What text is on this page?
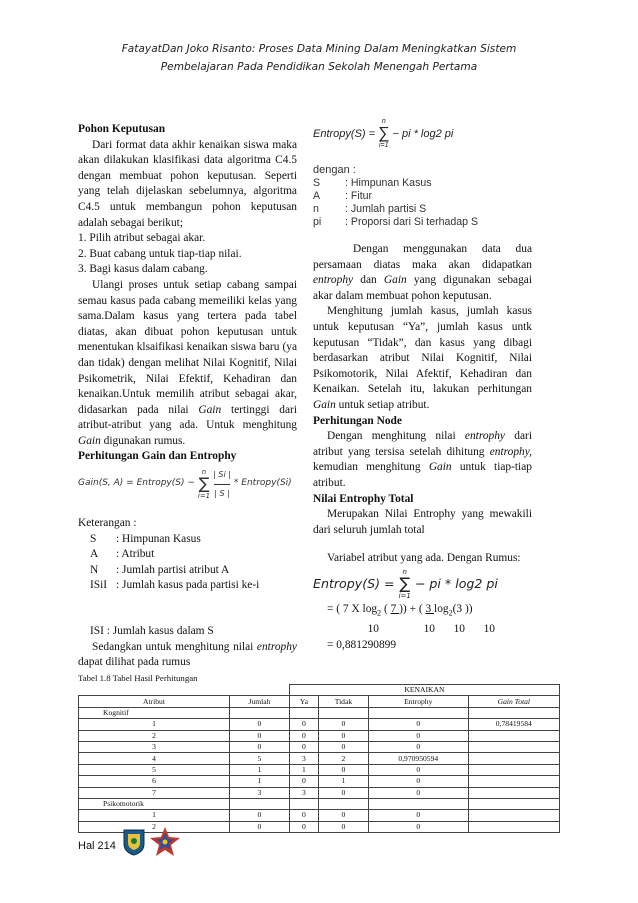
FatayatDan Joko Risanto: Proses Data Mining Dalam Meningkatkan Sistem
Pembelajaran Pada Pendidikan Sekolah Menengah Pertama
Entropy(S) =
n
∑
i=1
− pi * log2 pi
dengan :
S	: Himpunan Kasus
A	: Fitur
n	: Jumlah partisi S
pi	: Proporsi dari Si terhadap S

Pohon Keputusan

Dari format data akhir kenaikan siswa maka akan dilakukan klasifikasi data algoritma C4.5 dengan membuat pohon keputusan. Seperti yang telah dijelaskan sebelumnya, algoritma C4.5 untuk membangun pohon keputusan adalah sebagai berikut;

1. Pilih atribut sebagai akar.

2. Buat cabang untuk tiap-tiap nilai.

3. Bagi kasus dalam cabang.

Ulangi proses untuk setiap cabang sampai semau kasus pada cabang memeiliki kelas yang sama.Dalam kasus yang tertera pada tabel diatas, akan dibuat pohon keputusan untuk menentukan klsaifikasi kenaikan siswa baru (ya dan tidak) dengan melihat Nilai Kognitif, Nilai Psikometrik, Nilai Efektif, Kehadiran dan kenaikan.Untuk memilih atribut sebagai akar, didasarkan pada nilai Gain tertinggi dari atribut-atribut yang ada. Untuk menghitung Gain digunakan rumus.

Perhitungan Gain dan Entrophy

Gain(S, A) = Entropy(S) −
n
∑
$i=1 \frac{| Si |}{| S |}$ * Entropy(Si)

Keterangan :

S	: Himpunan Kasus
A	: Atribut
N	: Jumlah partisi atribut A
ISiI : Jumlah kasus pada partisi ke-i

ISI : Jumlah kasus dalam S

Sedangkan untuk menghitung nilai entrophy dapat dilihat pada rumus

Dengan menggunakan data dua persamaan diatas maka akan didapatkan entrophy dan Gain yang digunakan sebagai akar dalam membuat pohon keputusan.

Menghitung jumlah kasus, jumlah kasus untuk keputusan “Ya”, jumlah kasus untk keputusan “Tidak”, dan kasus yang dibagi berdasarkan atribut Nilai Kognitif, Nilai Psikomotorik, Nilai Afektif, Kehadiran dan Kenaikan. Setelah itu, lakukan perhitungan Gain untuk setiap atribut.

Perhitungan Node

Dengan menghitung nilai entrophy dari atribut yang tersisa setelah dihitung entrophy, kemudian menghitung Gain untuk tiap-tiap atribut.

Nilai Entrophy Total

Merupakan Nilai Entrophy yang mewakili dari seluruh jumlah total

Variabel atribut yang ada. Dengan Rumus:

Entropy(S) =
n
∑
i=1
− pi * log2 pi
= ( 7 X $\log_2$ ( 7 )) + ( 3 $\log_2(3$ ))
10	10	10	10
= 0,881290899
Tabel 1.8 Tabel Hasil Perhitungan
		KENAIKAN			
Atribut	Jumlah	Ya	Tidak	Entrophy	Gain Total
Kognitif					
1	0	0	0	0	0,78419584
2	0	0	0	0	
3	0	0	0	0	
4	5	3	2	0,970950594	
5	1	1	0	0	
6	1	0	1	0	
7	3	3	0	0	
Psikomotorik					
1	0	0	0	0	
2	0	0	0	0	
Hal 214
